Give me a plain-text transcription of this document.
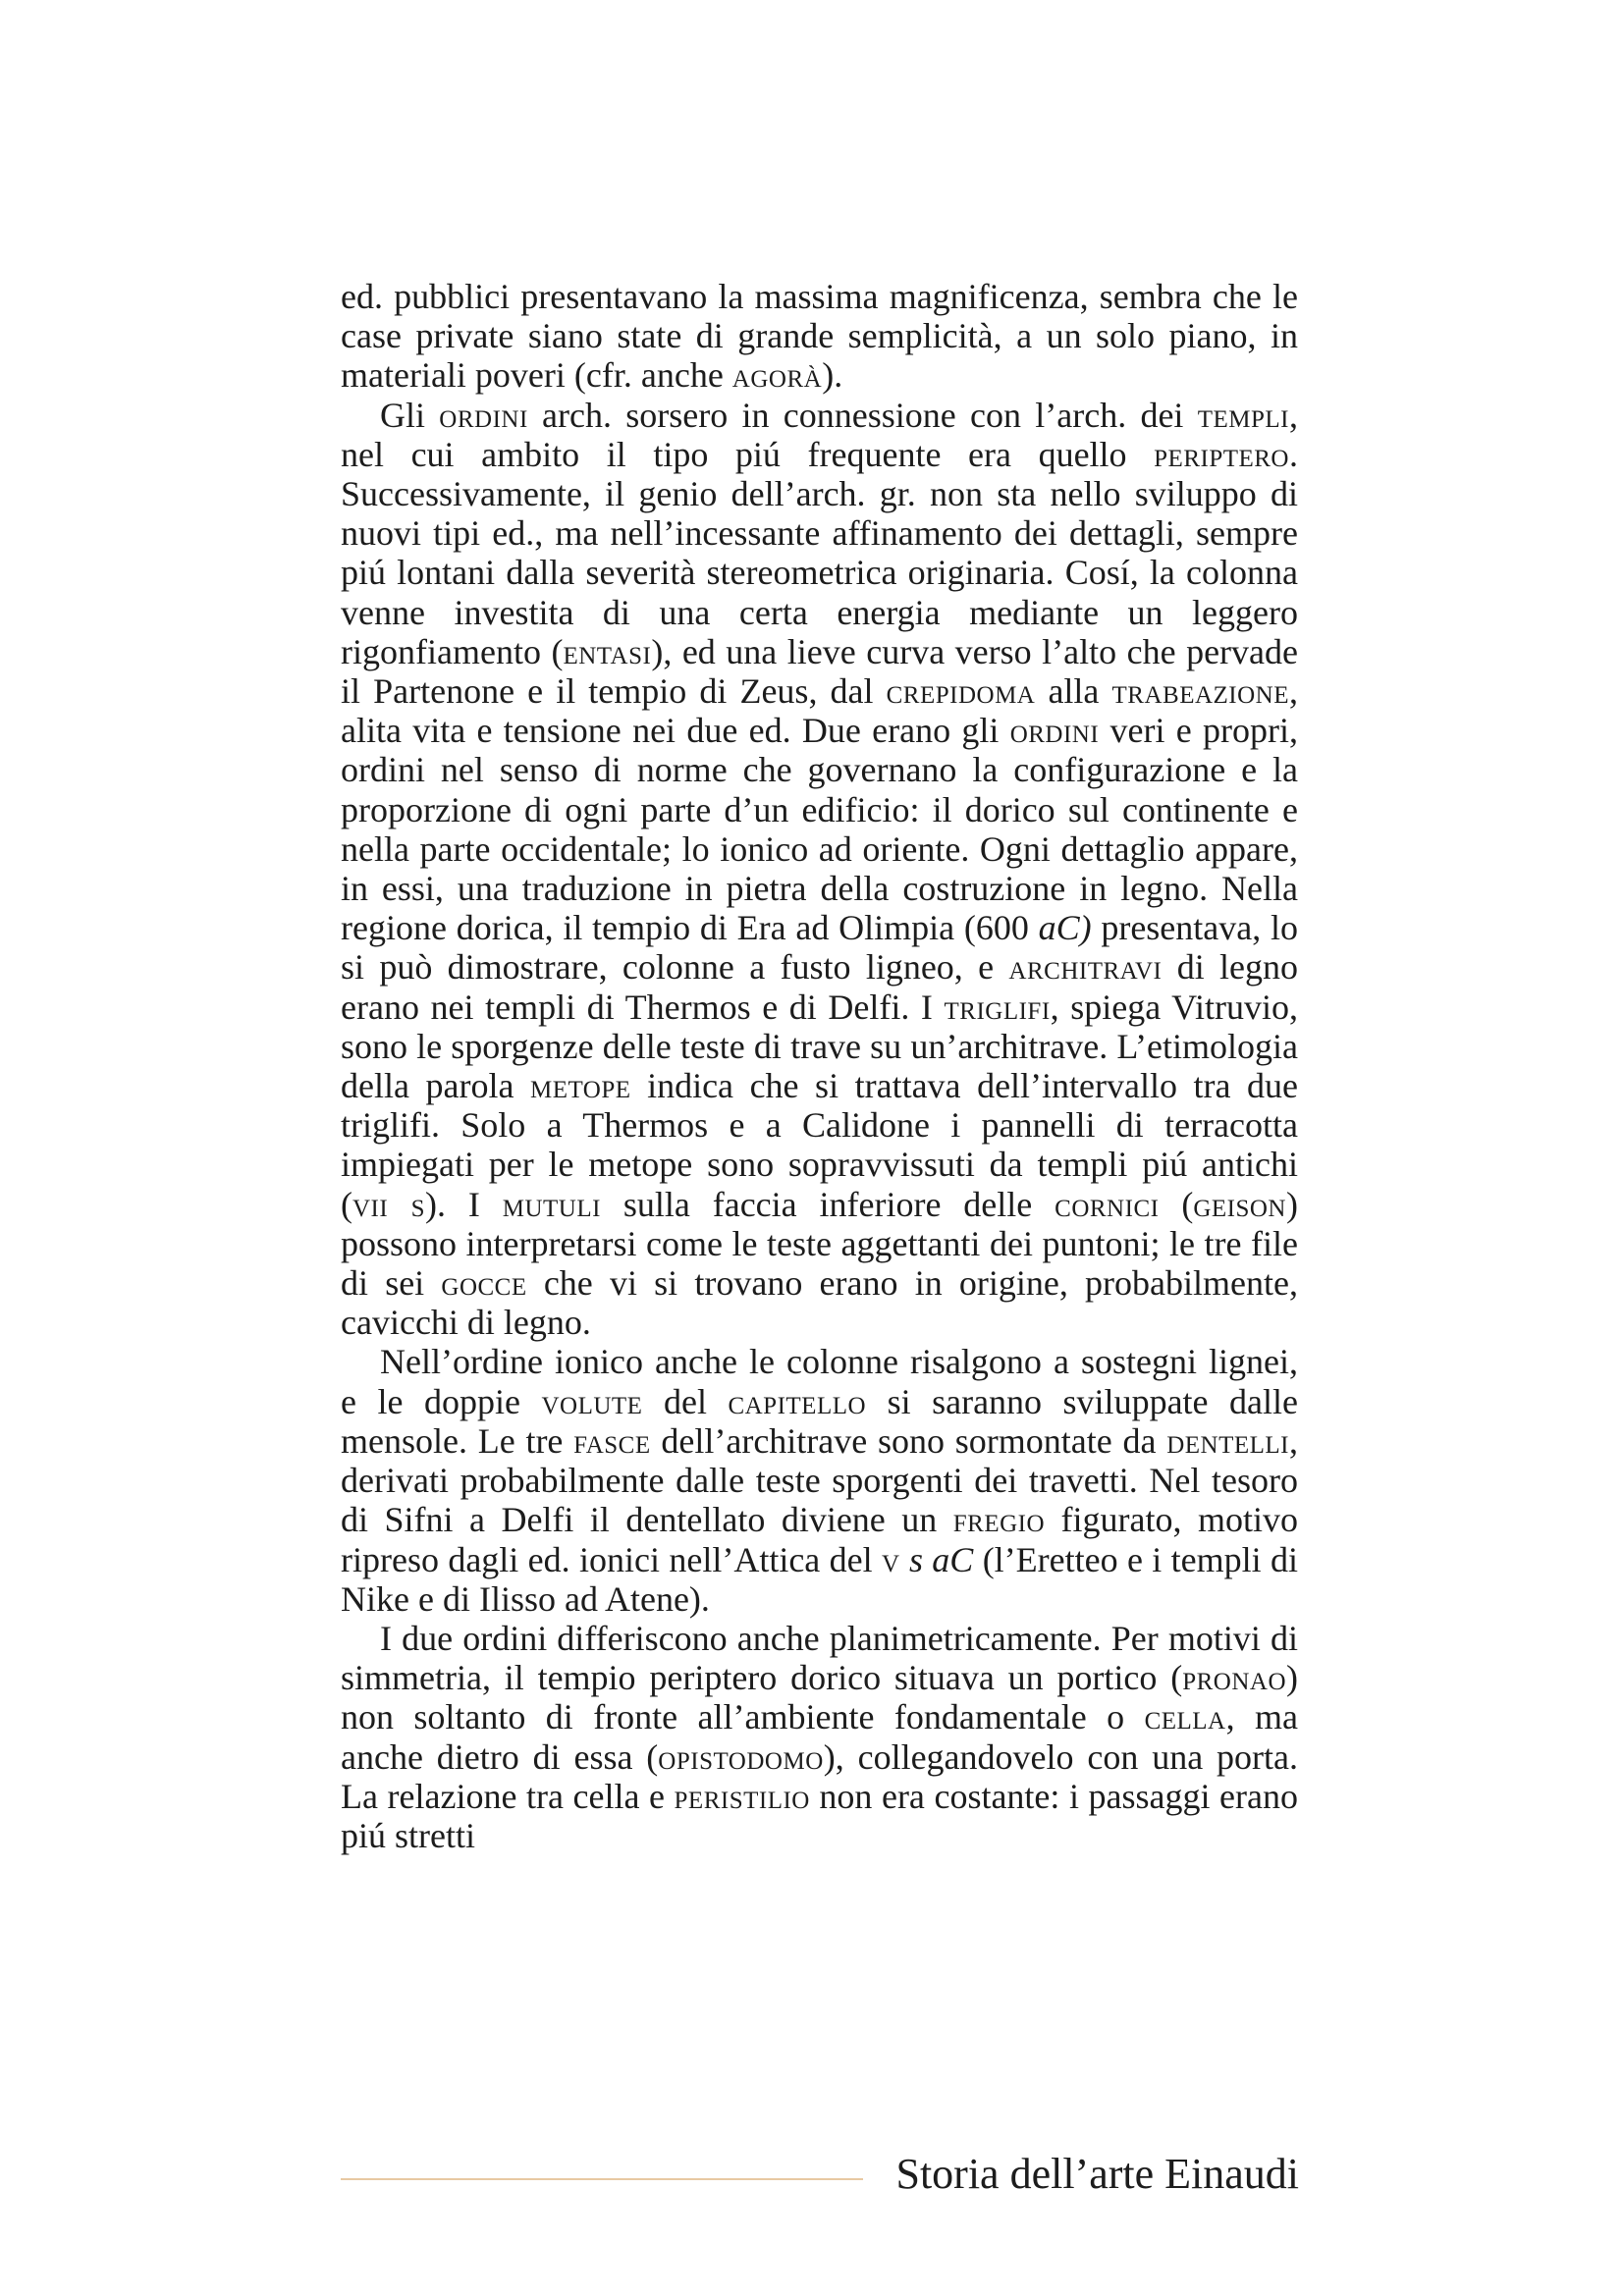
ed. pubblici presentavano la massima magnificenza, sembra che le case private siano state di grande semplicità, a un solo piano, in materiali poveri (cfr. anche agorà).

Gli ordini arch. sorsero in connessione con l’arch. dei templi, nel cui ambito il tipo piú frequente era quello periptero. Successivamente, il genio dell’arch. gr. non sta nello sviluppo di nuovi tipi ed., ma nell’incessante affinamento dei dettagli, sempre piú lontani dalla severità stereometrica originaria. Cosí, la colonna venne investita di una certa energia mediante un leggero rigonfiamento (entasi), ed una lieve curva verso l’alto che pervade il Partenone e il tempio di Zeus, dal crepidoma alla trabeazione, alita vita e tensione nei due ed. Due erano gli ordini veri e propri, ordini nel senso di norme che governano la configurazione e la proporzione di ogni parte d’un edificio: il dorico sul continente e nella parte occidentale; lo ionico ad oriente. Ogni dettaglio appare, in essi, una traduzione in pietra della costruzione in legno. Nella regione dorica, il tempio di Era ad Olimpia (600 aC) presentava, lo si può dimostrare, colonne a fusto ligneo, e architravi di legno erano nei templi di Thermos e di Delfi. I triglifi, spiega Vitruvio, sono le sporgenze delle teste di trave su un’architrave. L’etimologia della parola metope indica che si trattava dell’intervallo tra due triglifi. Solo a Thermos e a Calidone i pannelli di terracotta impiegati per le metope sono sopravvissuti da templi piú antichi (vii s). I mutuli sulla faccia inferiore delle cornici (geison) possono interpretarsi come le teste aggettanti dei puntoni; le tre file di sei gocce che vi si trovano erano in origine, probabilmente, cavicchi di legno.

Nell’ordine ionico anche le colonne risalgono a sostegni lignei, e le doppie volute del capitello si saranno sviluppate dalle mensole. Le tre fasce dell’architrave sono sormontate da dentelli, derivati probabilmente dalle teste sporgenti dei travetti. Nel tesoro di Sifni a Delfi il dentellato diviene un fregio figurato, motivo ripreso dagli ed. ionici nell’Attica del v s aC (l’Eretteo e i templi di Nike e di Ilisso ad Atene).

I due ordini differiscono anche planimetricamente. Per motivi di simmetria, il tempio periptero dorico situava un portico (pronao) non soltanto di fronte all’ambiente fondamentale o cella, ma anche dietro di essa (opistodomo), collegandovelo con una porta. La relazione tra cella e peristilio non era costante: i passaggi erano piú stretti

Storia dell’arte Einaudi
